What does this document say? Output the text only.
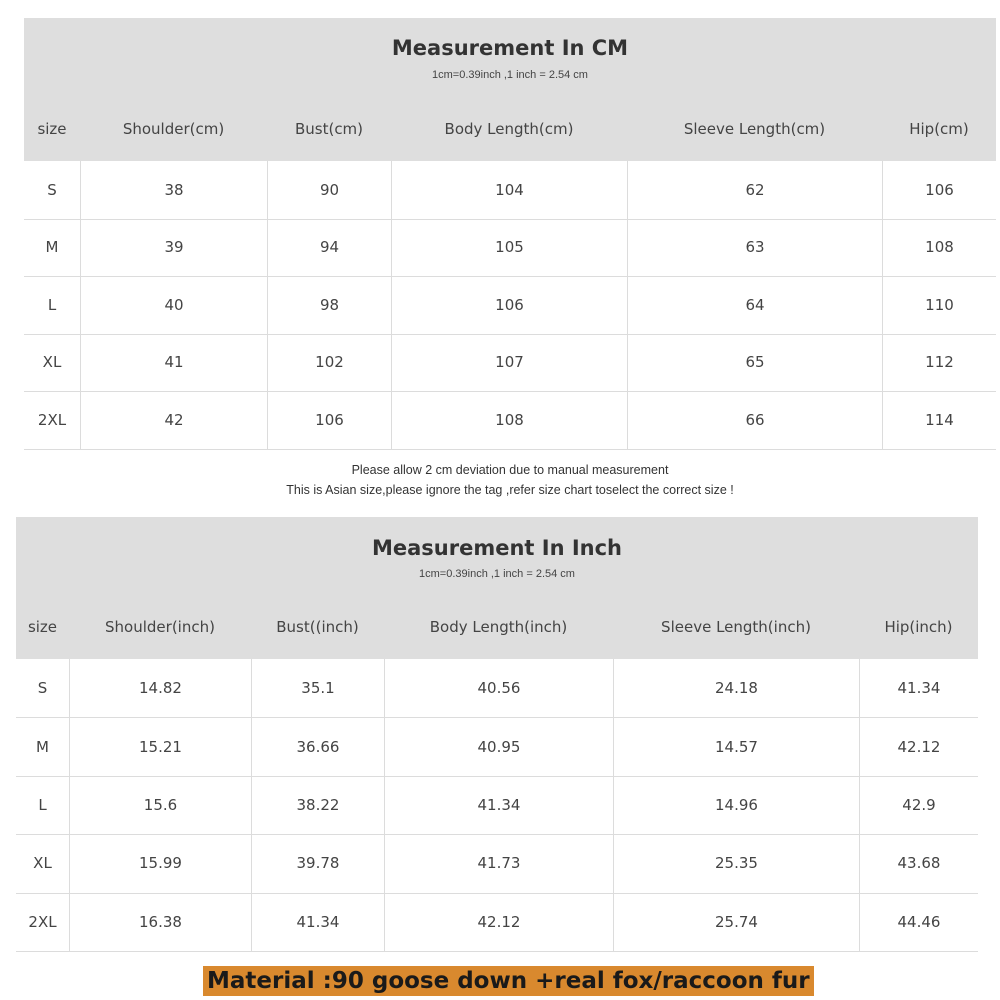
Measurement In CM
1cm=0.39inch ,1 inch = 2.54 cm
size	Shoulder(cm)	Bust(cm)	Body Length(cm)	Sleeve Length(cm)	Hip(cm)
S	38	90	104	62	106
M	39	94	105	63	108
L	40	98	106	64	110
XL	41	102	107	65	112
2XL	42	106	108	66	114
Please allow 2 cm deviation due to manual measurement
This is Asian size,please ignore the tag ,refer size chart toselect the correct size !
Measurement In Inch
1cm=0.39inch ,1 inch = 2.54 cm
size	Shoulder(inch)	Bust((inch)	Body Length(inch)	Sleeve Length(inch)	Hip(inch)
S	14.82	35.1	40.56	24.18	41.34
M	15.21	36.66	40.95	14.57	42.12
L	15.6	38.22	41.34	14.96	42.9
XL	15.99	39.78	41.73	25.35	43.68
2XL	16.38	41.34	42.12	25.74	44.46
Material :90 goose down +real fox/raccoon fur
